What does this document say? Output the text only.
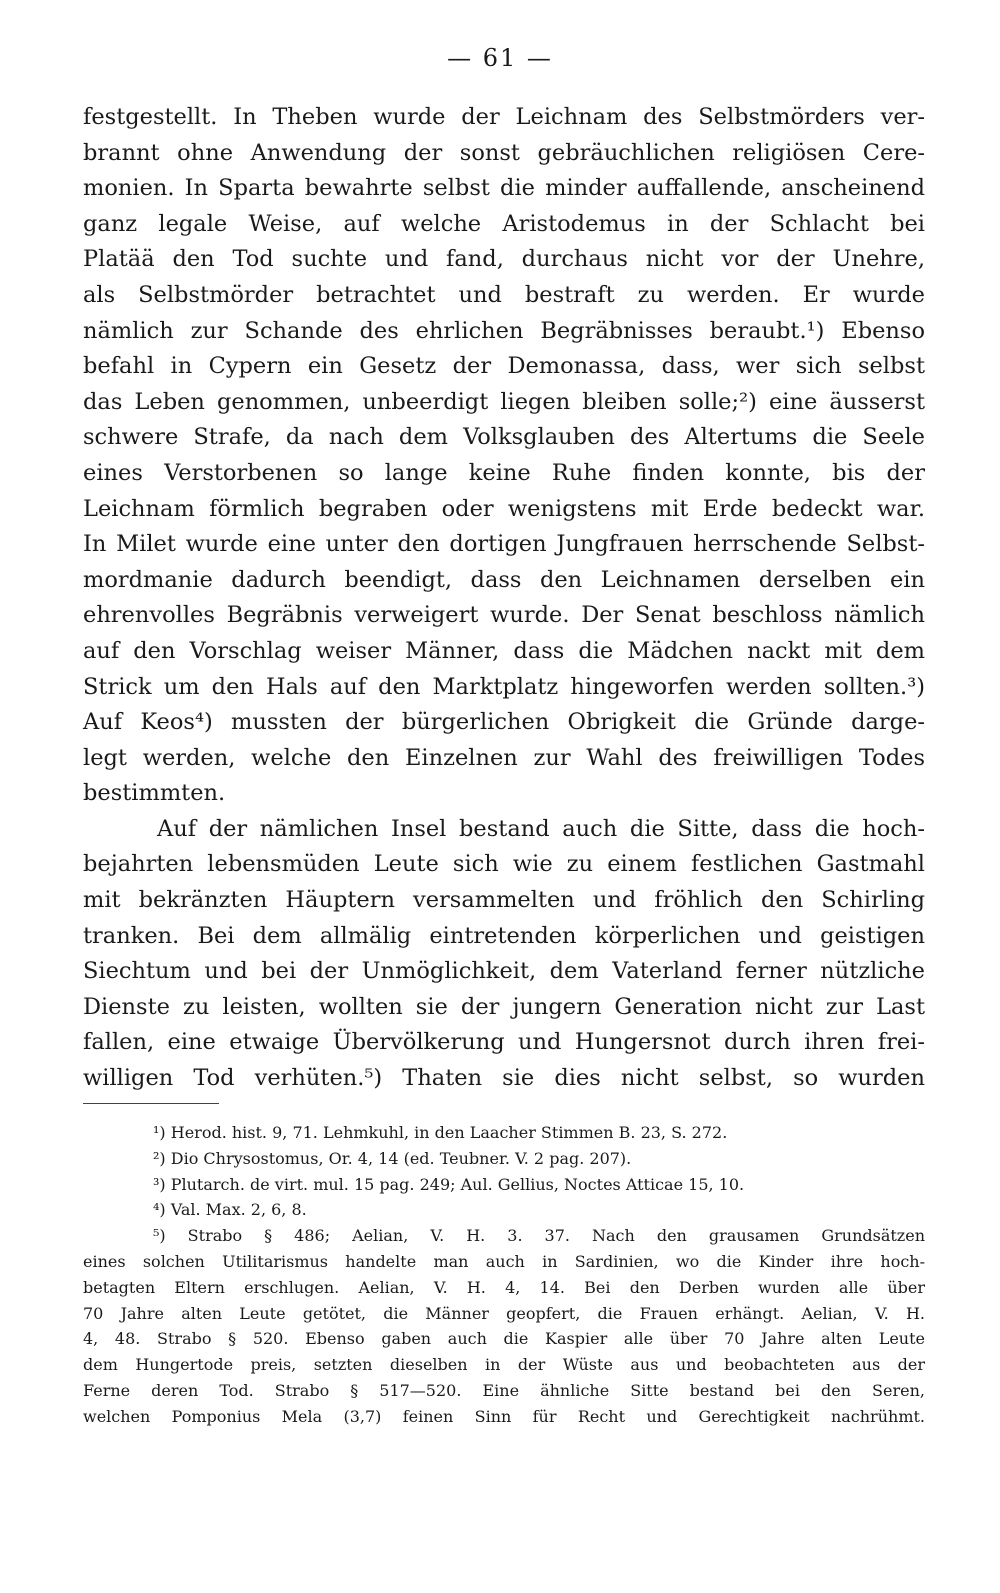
— 61 —
festgestellt. In Theben wurde der Leichnam des Selbstmörders ver-
brannt ohne Anwendung der sonst gebräuchlichen religiösen Cere-
monien. In Sparta bewahrte selbst die minder auffallende, anscheinend
ganz legale Weise, auf welche Aristodemus in der Schlacht bei
Platää den Tod suchte und fand, durchaus nicht vor der Unehre,
als Selbstmörder betrachtet und bestraft zu werden. Er wurde
nämlich zur Schande des ehrlichen Begräbnisses beraubt.¹) Ebenso
befahl in Cypern ein Gesetz der Demonassa, dass, wer sich selbst
das Leben genommen, unbeerdigt liegen bleiben solle;²) eine äusserst
schwere Strafe, da nach dem Volksglauben des Altertums die Seele
eines Verstorbenen so lange keine Ruhe finden konnte, bis der
Leichnam förmlich begraben oder wenigstens mit Erde bedeckt war.
In Milet wurde eine unter den dortigen Jungfrauen herrschende Selbst-
mordmanie dadurch beendigt, dass den Leichnamen derselben ein
ehrenvolles Begräbnis verweigert wurde. Der Senat beschloss nämlich
auf den Vorschlag weiser Männer, dass die Mädchen nackt mit dem
Strick um den Hals auf den Marktplatz hingeworfen werden sollten.³)
Auf Keos⁴) mussten der bürgerlichen Obrigkeit die Gründe darge-
legt werden, welche den Einzelnen zur Wahl des freiwilligen Todes
bestimmten.
Auf der nämlichen Insel bestand auch die Sitte, dass die hoch-
bejahrten lebensmüden Leute sich wie zu einem festlichen Gastmahl
mit bekränzten Häuptern versammelten und fröhlich den Schirling
tranken. Bei dem allmälig eintretenden körperlichen und geistigen
Siechtum und bei der Unmöglichkeit, dem Vaterland ferner nützliche
Dienste zu leisten, wollten sie der jungern Generation nicht zur Last
fallen, eine etwaige Übervölkerung und Hungersnot durch ihren frei-
willigen Tod verhüten.⁵) Thaten sie dies nicht selbst, so wurden
¹) Herod. hist. 9, 71. Lehmkuhl, in den Laacher Stimmen B. 23, S. 272.
²) Dio Chrysostomus, Or. 4, 14 (ed. Teubner. V. 2 pag. 207).
³) Plutarch. de virt. mul. 15 pag. 249; Aul. Gellius, Noctes Atticae 15, 10.
⁴) Val. Max. 2, 6, 8.
⁵) Strabo § 486; Aelian, V. H. 3. 37. Nach den grausamen Grundsätzen
eines solchen Utilitarismus handelte man auch in Sardinien, wo die Kinder ihre hoch-
betagten Eltern erschlugen. Aelian, V. H. 4, 14. Bei den Derben wurden alle über
70 Jahre alten Leute getötet, die Männer geopfert, die Frauen erhängt. Aelian, V. H.
4, 48. Strabo § 520. Ebenso gaben auch die Kaspier alle über 70 Jahre alten Leute
dem Hungertode preis, setzten dieselben in der Wüste aus und beobachteten aus der
Ferne deren Tod. Strabo § 517—520. Eine ähnliche Sitte bestand bei den Seren,
welchen Pomponius Mela (3,7) feinen Sinn für Recht und Gerechtigkeit nachrühmt.
